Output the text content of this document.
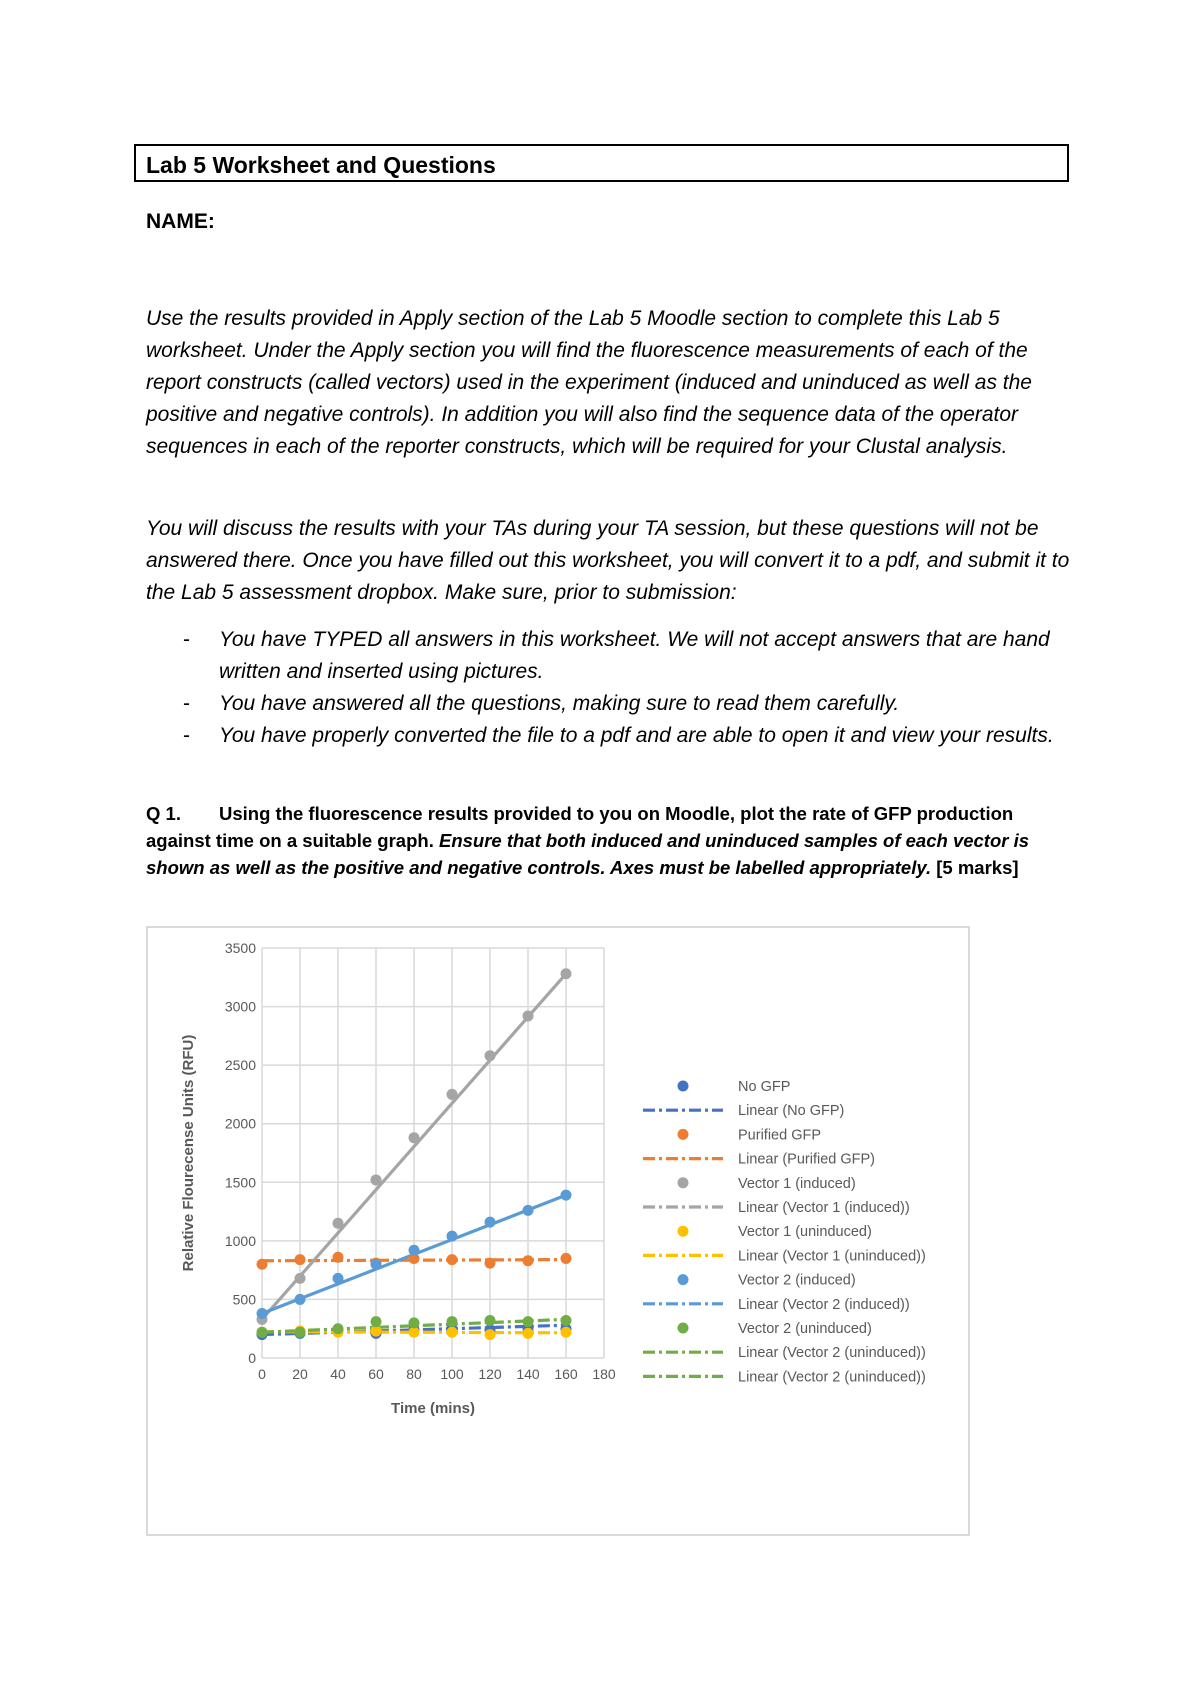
Lab 5 Worksheet and Questions
NAME:

Use the results provided in Apply section of the Lab 5 Moodle section to complete this Lab 5 worksheet. Under the Apply section you will find the fluorescence measurements of each of the report constructs (called vectors) used in the experiment (induced and uninduced as well as the positive and negative controls). In addition you will also find the sequence data of the operator sequences in each of the reporter constructs, which will be required for your Clustal analysis.

You will discuss the results with your TAs during your TA session, but these questions will not be answered there. Once you have filled out this worksheet, you will convert it to a pdf, and submit it to the Lab 5 assessment dropbox. Make sure, prior to submission:

- You have TYPED all answers in this worksheet. We will not accept answers that are hand written and inserted using pictures.
- You have answered all the questions, making sure to read them carefully.
- You have properly converted the file to a pdf and are able to open it and view your results.
Q 1. Using the fluorescence results provided to you on Moodle, plot the rate of GFP production against time on a suitable graph. Ensure that both induced and uninduced samples of each vector is shown as well as the positive and negative controls. Axes must be labelled appropriately. [5 marks]
0
500
1000
1500
2000
2500
3000
3500
0 20 40 60 80 100 120 140 160 180
Time (mins)
Relative Flourecense Units (RFU)	No GFP
Linear (No GFP)
Purified GFP
Linear (Purified GFP)
Vector 1 (induced)
Linear (Vector 1 (induced))
Vector 1 (uninduced)
Linear (Vector 1 (uninduced))
Vector 2 (induced)
Linear (Vector 2 (induced))
Vector 2 (uninduced)
Linear (Vector 2 (uninduced))
Linear (Vector 2 (uninduced))
